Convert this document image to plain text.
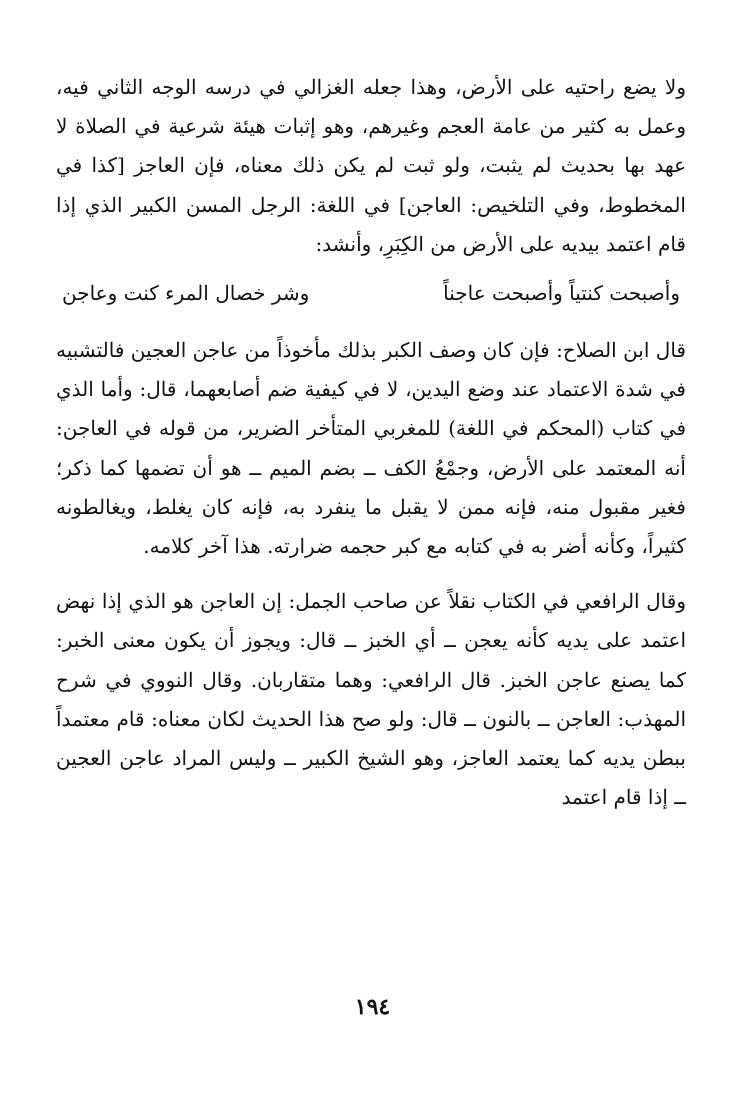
ولا يضع راحتيه على الأرض، وهذا جعله الغزالي في درسه الوجه الثاني فيه، وعمل به كثير من عامة العجم وغيرهم، وهو إثبات هيئة شرعية في الصلاة لا عهد بها بحديث لم يثبت، ولو ثبت لم يكن ذلك معناه، فإن العاجز [كذا في المخطوط، وفي التلخيص: العاجن] في اللغة: الرجل المسن الكبير الذي إذا قام اعتمد بيديه على الأرض من الكِبَرِ، وأنشد:

وأصبحت كنتياً وأصبحت عاجناً
وشر خصال المرء كنت وعاجن

قال ابن الصلاح: فإن كان وصف الكبر بذلك مأخوذاً من عاجن العجين فالتشبيه في شدة الاعتماد عند وضع اليدين، لا في كيفية ضم أصابعهما، قال: وأما الذي في كتاب (المحكم في اللغة) للمغربي المتأخر الضرير، من قوله في العاجن: أنه المعتمد على الأرض، وجمْعُ الكف ــ بضم الميم ــ هو أن تضمها كما ذكر؛ فغير مقبول منه، فإنه ممن لا يقبل ما ينفرد به، فإنه كان يغلط، ويغالطونه كثيراً، وكأنه أضر به في كتابه مع كبر حجمه ضرارته. هذا آخر كلامه.

وقال الرافعي في الكتاب نقلاً عن صاحب الجمل: إن العاجن هو الذي إذا نهض اعتمد على يديه كأنه يعجن ــ أي الخبز ــ قال: ويجوز أن يكون معنى الخبر: كما يصنع عاجن الخبز. قال الرافعي: وهما متقاربان. وقال النووي في شرح المهذب: العاجن ــ بالنون ــ قال: ولو صح هذا الحديث لكان معناه: قام معتمداً ببطن يديه كما يعتمد العاجز، وهو الشيخ الكبير ــ وليس المراد عاجن العجين ــ إذا قام اعتمد

١٩٤
